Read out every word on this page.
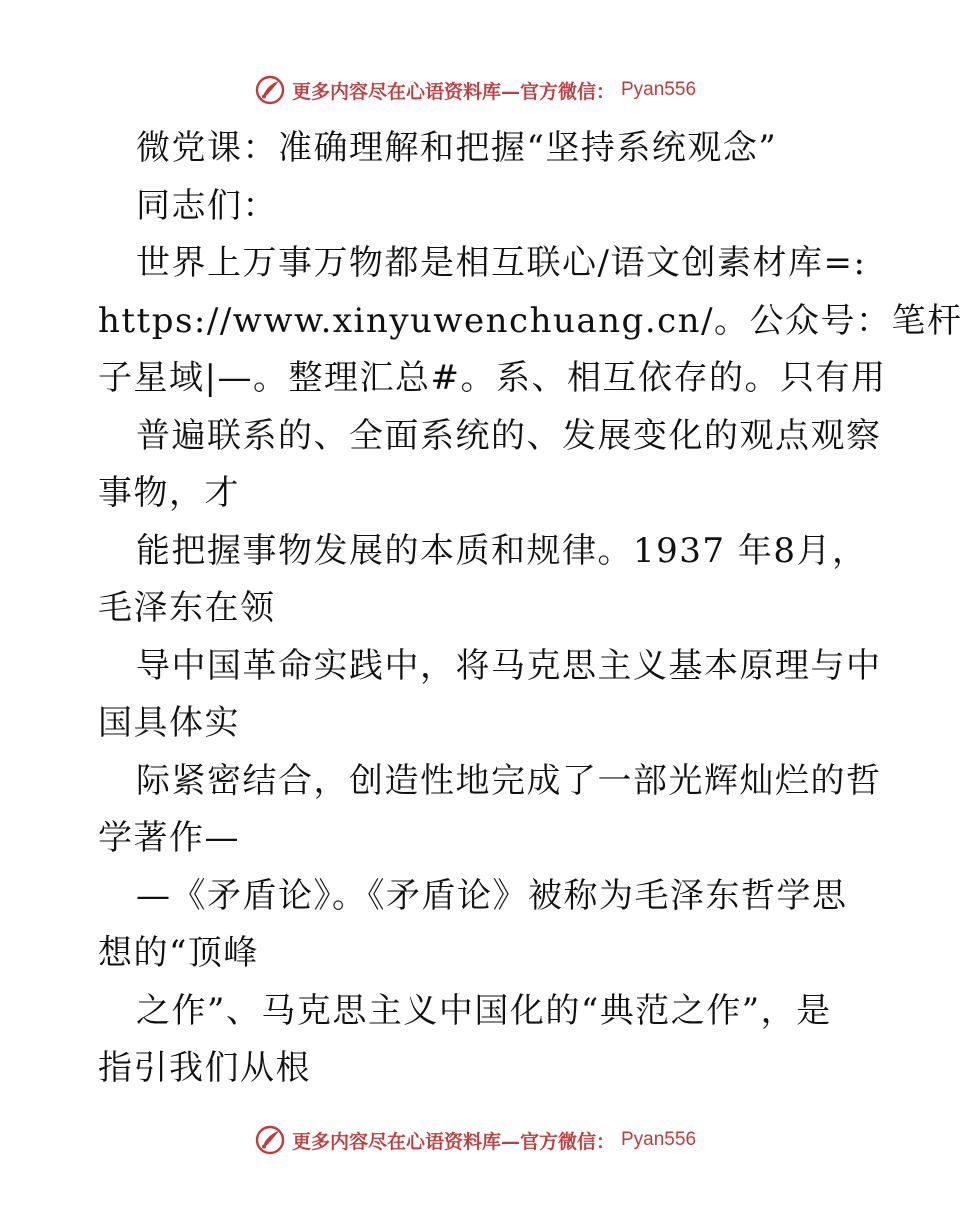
更多内容尽在心语资料库—官方微信： Pyan556
微党课：准确理解和把握“坚持系统观念”
同志们：
世界上万事万物都是相互联心/语文创素材库=:
https://www.xinyuwenchuang.cn/。公众号：笔杆
子星域|—。整理汇总#。系、相互依存的。只有用
普遍联系的、全面系统的、发展变化的观点观察
事物，才
能把握事物发展的本质和规律。1937 年8月，
毛泽东在领
导中国革命实践中，将马克思主义基本原理与中
国具体实
际紧密结合，创造性地完成了一部光辉灿烂的哲
学著作—
—《矛盾论》。《矛盾论》被称为毛泽东哲学思
想的“顶峰
之作”、马克思主义中国化的“典范之作”，是
指引我们从根
更多内容尽在心语资料库—官方微信： Pyan556
